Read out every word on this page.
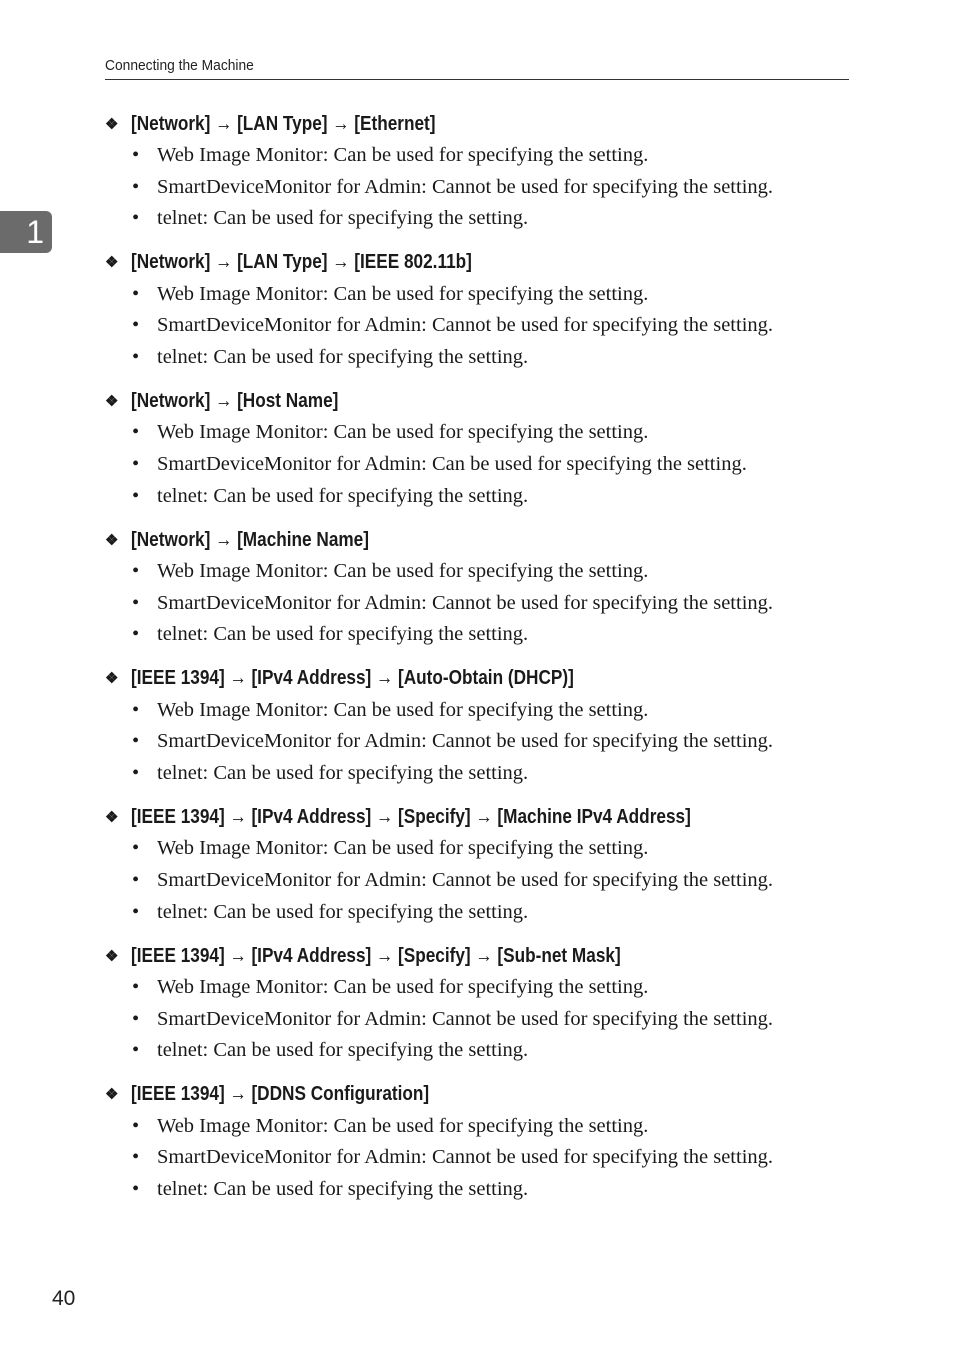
Connecting the Machine
1
❖ [Network] → [LAN Type] → [Ethernet]
• Web Image Monitor: Can be used for specifying the setting.
• SmartDeviceMonitor for Admin: Cannot be used for specifying the setting.
• telnet: Can be used for specifying the setting.
❖ [Network] → [LAN Type] → [IEEE 802.11b]
• Web Image Monitor: Can be used for specifying the setting.
• SmartDeviceMonitor for Admin: Cannot be used for specifying the setting.
• telnet: Can be used for specifying the setting.
❖ [Network] → [Host Name]
• Web Image Monitor: Can be used for specifying the setting.
• SmartDeviceMonitor for Admin: Can be used for specifying the setting.
• telnet: Can be used for specifying the setting.
❖ [Network] → [Machine Name]
• Web Image Monitor: Can be used for specifying the setting.
• SmartDeviceMonitor for Admin: Cannot be used for specifying the setting.
• telnet: Can be used for specifying the setting.
❖ [IEEE 1394] → [IPv4 Address] → [Auto-Obtain (DHCP)]
• Web Image Monitor: Can be used for specifying the setting.
• SmartDeviceMonitor for Admin: Cannot be used for specifying the setting.
• telnet: Can be used for specifying the setting.
❖ [IEEE 1394] → [IPv4 Address] → [Specify] → [Machine IPv4 Address]
• Web Image Monitor: Can be used for specifying the setting.
• SmartDeviceMonitor for Admin: Cannot be used for specifying the setting.
• telnet: Can be used for specifying the setting.
❖ [IEEE 1394] → [IPv4 Address] → [Specify] → [Sub-net Mask]
• Web Image Monitor: Can be used for specifying the setting.
• SmartDeviceMonitor for Admin: Cannot be used for specifying the setting.
• telnet: Can be used for specifying the setting.
❖ [IEEE 1394] → [DDNS Configuration]
• Web Image Monitor: Can be used for specifying the setting.
• SmartDeviceMonitor for Admin: Cannot be used for specifying the setting.
• telnet: Can be used for specifying the setting.
40
